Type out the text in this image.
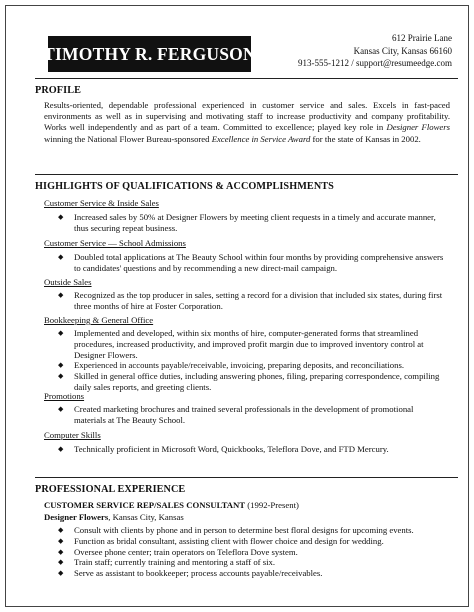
TIMOTHY R. FERGUSON
612 Prairie Lane
Kansas City, Kansas 66160
913-555-1212 / support@resumeedge.com
PROFILE
Results-oriented, dependable professional experienced in customer service and sales. Excels in fast-paced environments as well as in supervising and motivating staff to increase productivity and company profitability. Works well independently and as part of a team. Committed to excellence; played key role in Designer Flowers winning the National Flower Bureau-sponsored Excellence in Service Award for the state of Kansas in 2002.
HIGHLIGHTS OF QUALIFICATIONS & ACCOMPLISHMENTS
Customer Service & Inside Sales
◆ Increased sales by 50% at Designer Flowers by meeting client requests in a timely and accurate manner, thus securing repeat business.
Customer Service — School Admissions
◆ Doubled total applications at The Beauty School within four months by providing comprehensive answers to candidates' questions and by recommending a new direct-mail campaign.
Outside Sales
◆ Recognized as the top producer in sales, setting a record for a division that included six states, during first three months of hire at Foster Corporation.
Bookkeeping & General Office
◆ Implemented and developed, within six months of hire, computer-generated forms that streamlined procedures, increased productivity, and improved profit margin due to improved inventory control at Designer Flowers.
◆ Experienced in accounts payable/receivable, invoicing, preparing deposits, and reconciliations.
◆ Skilled in general office duties, including answering phones, filing, preparing correspondence, compiling daily sales reports, and greeting clients.
Promotions
◆ Created marketing brochures and trained several professionals in the development of promotional materials at The Beauty School.
Computer Skills
◆ Technically proficient in Microsoft Word, Quickbooks, Teleflora Dove, and FTD Mercury.
PROFESSIONAL EXPERIENCE
CUSTOMER SERVICE REP/SALES CONSULTANT (1992-Present)
Designer Flowers, Kansas City, Kansas
◆ Consult with clients by phone and in person to determine best floral designs for upcoming events.
◆ Function as bridal consultant, assisting client with flower choice and design for wedding.
◆ Oversee phone center; train operators on Teleflora Dove system.
◆ Train staff; currently training and mentoring a staff of six.
◆ Serve as assistant to bookkeeper; process accounts payable/receivables.
